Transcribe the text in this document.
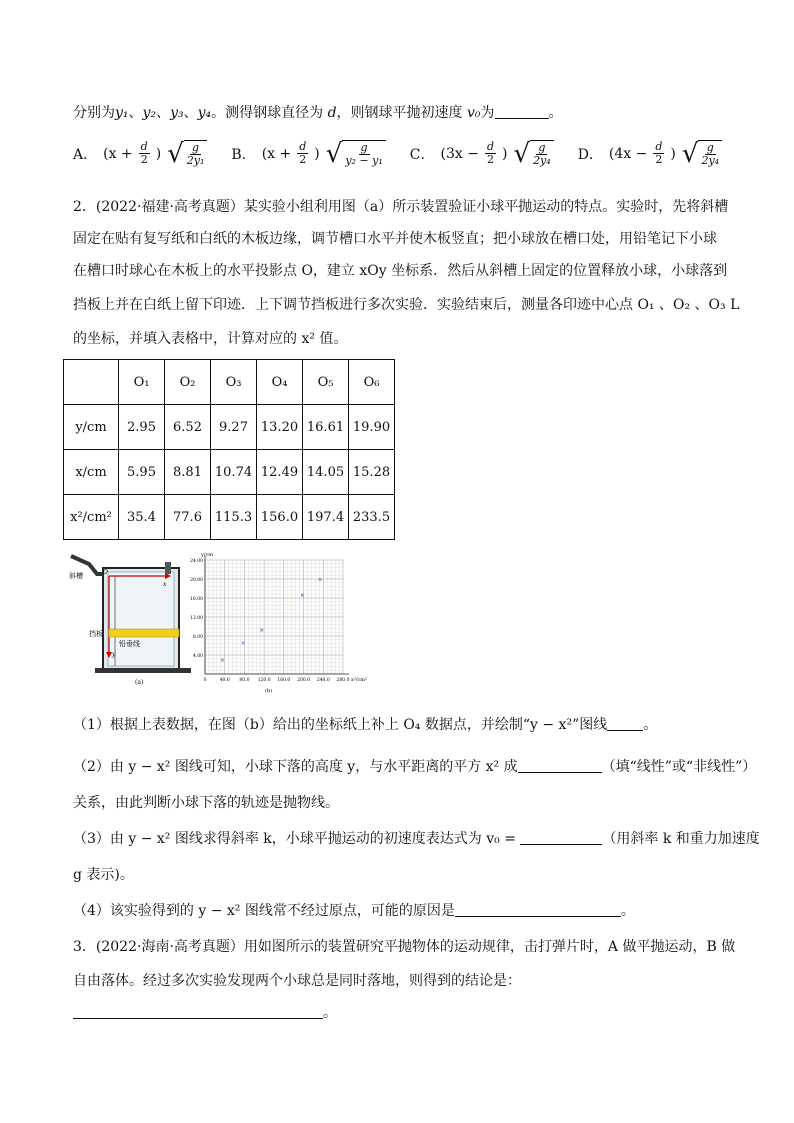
分别为y₁、y₂、y₃、y₄。测得钢球直径为 d，则钢球平抛初速度 v₀为	。
A． ($x + \frac{d}{2}$ ) √ $\frac{g}{\text{2y₁}}$ B． ($x + \frac{d}{2}$ ) √ $\frac{g}{\text{y₂ − y₁}}$ C． ($3x - \frac{d}{2}$ ) √ $\frac{g}{\text{2y₄}}$ D． ($4x - \frac{d}{2}$ ) √ $\frac{g}{\text{2y₄}}$
2．(2022·福建·高考真题）某实验小组利用图（a）所示装置验证小球平抛运动的特点。实验时，先将斜槽
固定在贴有复写纸和白纸的木板边缘，调节槽口水平并使木板竖直；把小球放在槽口处，用铅笔记下小球
在槽口时球心在木板上的水平投影点 O，建立 xOy 坐标系．然后从斜槽上固定的位置释放小球，小球落到
挡板上并在白纸上留下印迹．上下调节挡板进行多次实验．实验结束后，测量各印迹中心点 O₁ 、O₂ 、O₃ L
的坐标，并填入表格中，计算对应的 x² 值。
	O₁	O₂	O₃	O₄	O₅	O₆
y/cm	2.95	6.52	9.27	13.20	16.61	19.90
x/cm	5.95	8.81	10.74	12.49	14.05	15.28
x²/cm²	35.4	77.6	115.3	156.0	197.4	233.5
斜槽
挡板
铅垂线
O
x
y
(a)
y/cm
x²/cm²
(b)
4.00
8.00
12.00
16.00
20.00
24.00
0	40.0 80.0 120.0 160.0 200.0 240.0 280.0
（1）根据上表数据，在图（b）给出的坐标纸上补上 O₄ 数据点，并绘制“y − x²”图线	。
（2）由 y − x² 图线可知，小球下落的高度 y，与水平距离的平方 x² 成	（填“线性”或“非线性”）
关系，由此判断小球下落的轨迹是抛物线。
（3）由 y − x² 图线求得斜率 k，小球平抛运动的初速度表达式为 v₀ =	（用斜率 k 和重力加速度
g 表示)。
（4）该实验得到的 y − x² 图线常不经过原点，可能的原因是	。
3．(2022·海南·高考真题）用如图所示的装置研究平抛物体的运动规律，击打弹片时，A 做平抛运动，B 做
自由落体。经过多次实验发现两个小球总是同时落地，则得到的结论是：
。
